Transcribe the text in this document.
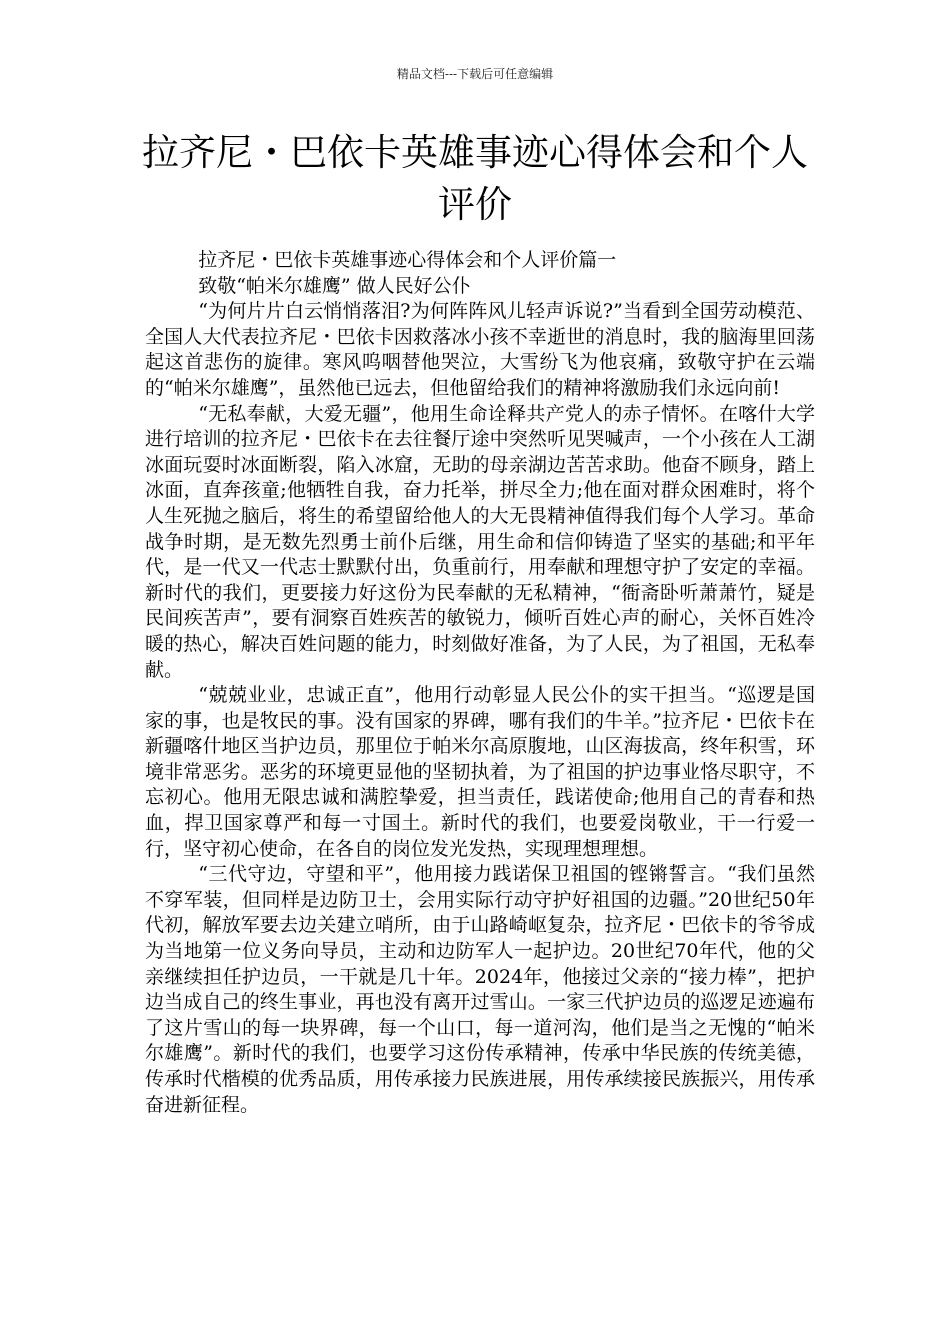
精品文档---下载后可任意编辑
拉齐尼・巴依卡英雄事迹心得体会和个人评价

拉齐尼・巴依卡英雄事迹心得体会和个人评价篇一

致敬“帕米尔雄鹰” 做人民好公仆

“为何片片白云悄悄落泪?为何阵阵风儿轻声诉说?”当看到全国劳动模范、全国人大代表拉齐尼・巴依卡因救落冰小孩不幸逝世的消息时，我的脑海里回荡起这首悲伤的旋律。寒风呜咽替他哭泣，大雪纷飞为他哀痛，致敬守护在云端的“帕米尔雄鹰”，虽然他已远去，但他留给我们的精神将激励我们永远向前!

“无私奉献，大爱无疆”，他用生命诠释共产党人的赤子情怀。在喀什大学进行培训的拉齐尼・巴依卡在去往餐厅途中突然听见哭喊声，一个小孩在人工湖冰面玩耍时冰面断裂，陷入冰窟，无助的母亲湖边苦苦求助。他奋不顾身，踏上冰面，直奔孩童;他牺牲自我，奋力托举，拼尽全力;他在面对群众困难时，将个人生死抛之脑后，将生的希望留给他人的大无畏精神值得我们每个人学习。革命战争时期，是无数先烈勇士前仆后继，用生命和信仰铸造了坚实的基础;和平年代，是一代又一代志士默默付出，负重前行，用奉献和理想守护了安定的幸福。新时代的我们，更要接力好这份为民奉献的无私精神，“衙斋卧听萧萧竹，疑是民间疾苦声”，要有洞察百姓疾苦的敏锐力，倾听百姓心声的耐心，关怀百姓冷暖的热心，解决百姓问题的能力，时刻做好准备，为了人民，为了祖国，无私奉献。

“兢兢业业，忠诚正直”，他用行动彰显人民公仆的实干担当。“巡逻是国家的事，也是牧民的事。没有国家的界碑，哪有我们的牛羊。”拉齐尼・巴依卡在新疆喀什地区当护边员，那里位于帕米尔高原腹地，山区海拔高，终年积雪，环境非常恶劣。恶劣的环境更显他的坚韧执着，为了祖国的护边事业恪尽职守，不忘初心。他用无限忠诚和满腔挚爱，担当责任，践诺使命;他用自己的青春和热血，捍卫国家尊严和每一寸国土。新时代的我们，也要爱岗敬业，干一行爱一行，坚守初心使命，在各自的岗位发光发热，实现理想理想。

“三代守边，守望和平”，他用接力践诺保卫祖国的铿锵誓言。“我们虽然不穿军装，但同样是边防卫士，会用实际行动守护好祖国的边疆。”20世纪50年代初，解放军要去边关建立哨所，由于山路崎岖复杂，拉齐尼・巴依卡的爷爷成为当地第一位义务向导员，主动和边防军人一起护边。20世纪70年代，他的父亲继续担任护边员，一干就是几十年。2024年，他接过父亲的“接力棒”，把护边当成自己的终生事业，再也没有离开过雪山。一家三代护边员的巡逻足迹遍布了这片雪山的每一块界碑，每一个山口，每一道河沟，他们是当之无愧的“帕米尔雄鹰”。新时代的我们，也要学习这份传承精神，传承中华民族的传统美德，传承时代楷模的优秀品质，用传承接力民族进展，用传承续接民族振兴，用传承奋进新征程。
